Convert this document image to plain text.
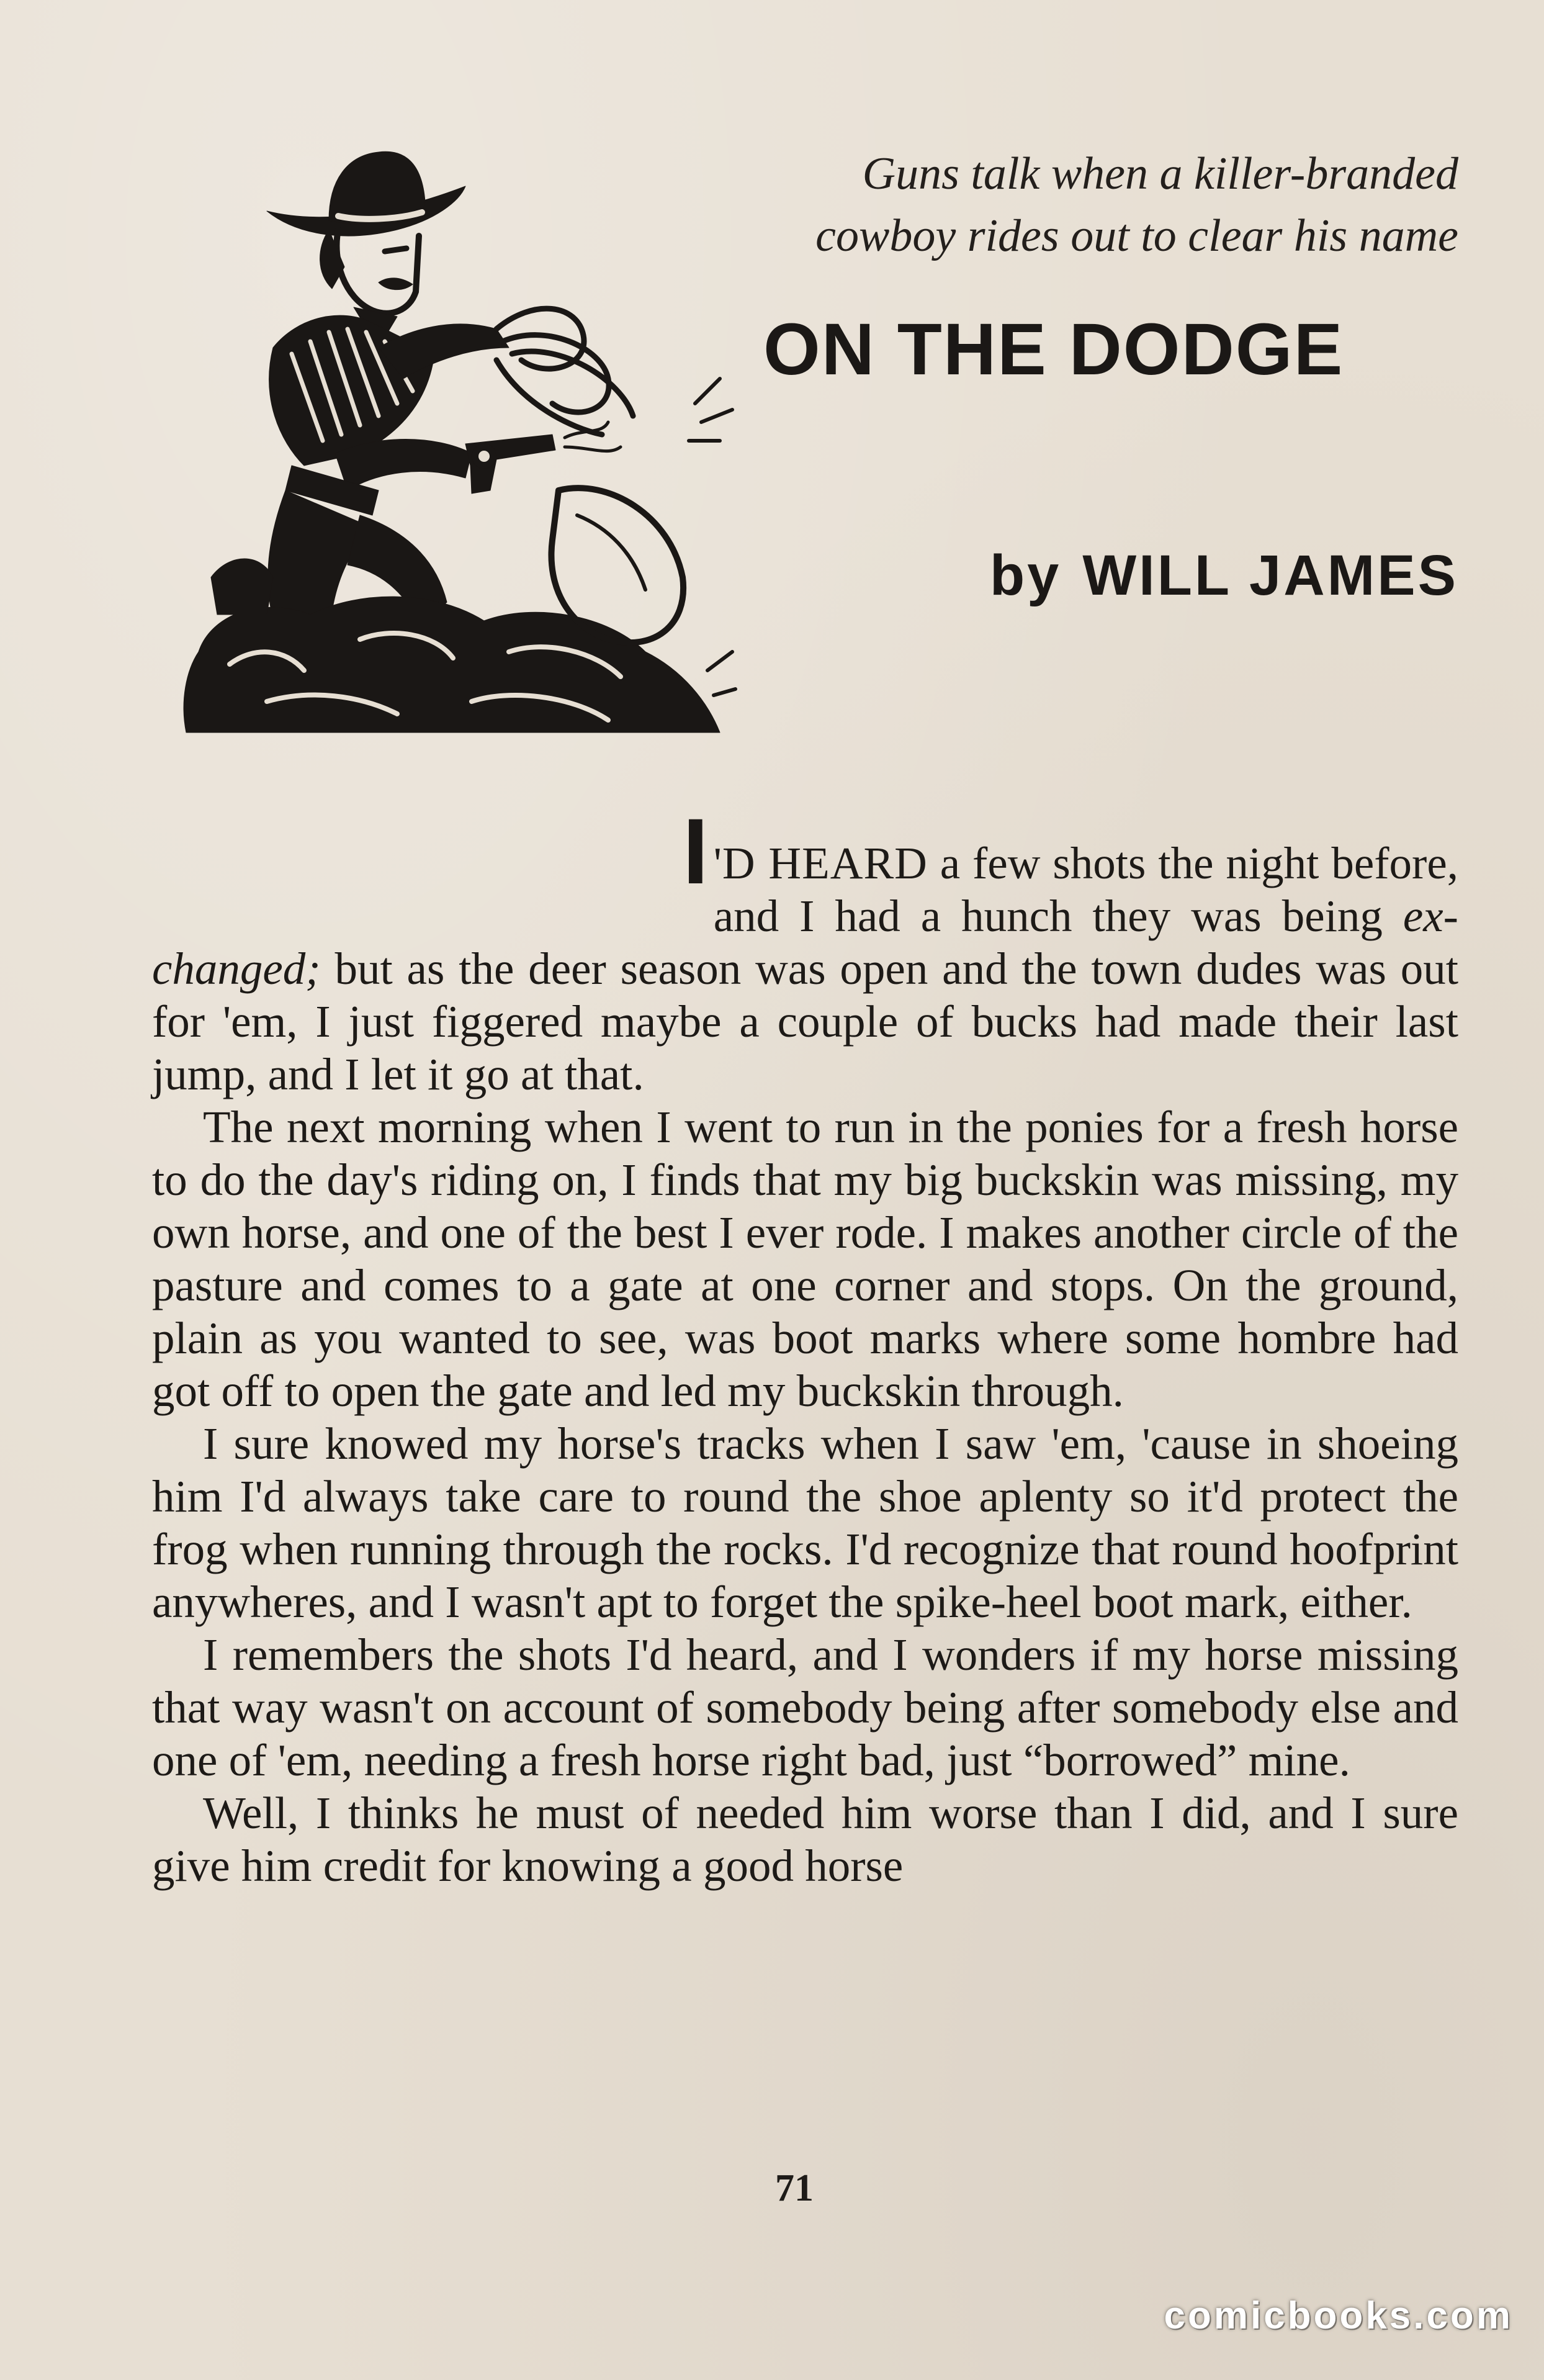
Guns talk when a killer-branded
cowboy rides out to clear his name
ON THE DODGE
by WILL JAMES

I 'D HEARD a few shots the night before, and I had a hunch they was being ex-changed; but as the deer season was open and the town dudes was out for 'em, I just figgered maybe a couple of bucks had made their last jump, and I let it go at that.

The next morning when I went to run in the ponies for a fresh horse to do the day's riding on, I finds that my big buckskin was missing, my own horse, and one of the best I ever rode. I makes another circle of the pasture and comes to a gate at one corner and stops. On the ground, plain as you wanted to see, was boot marks where some hombre had got off to open the gate and led my buckskin through.

I sure knowed my horse's tracks when I saw 'em, 'cause in shoeing him I'd always take care to round the shoe aplenty so it'd protect the frog when running through the rocks. I'd recognize that round hoofprint anywheres, and I wasn't apt to forget the spike-heel boot mark, either.

I remembers the shots I'd heard, and I wonders if my horse missing that way wasn't on account of somebody being after somebody else and one of 'em, needing a fresh horse right bad, just “borrowed” mine.

Well, I thinks he must of needed him worse than I did, and I sure give him credit for knowing a good horse

71
comicbooks.com
